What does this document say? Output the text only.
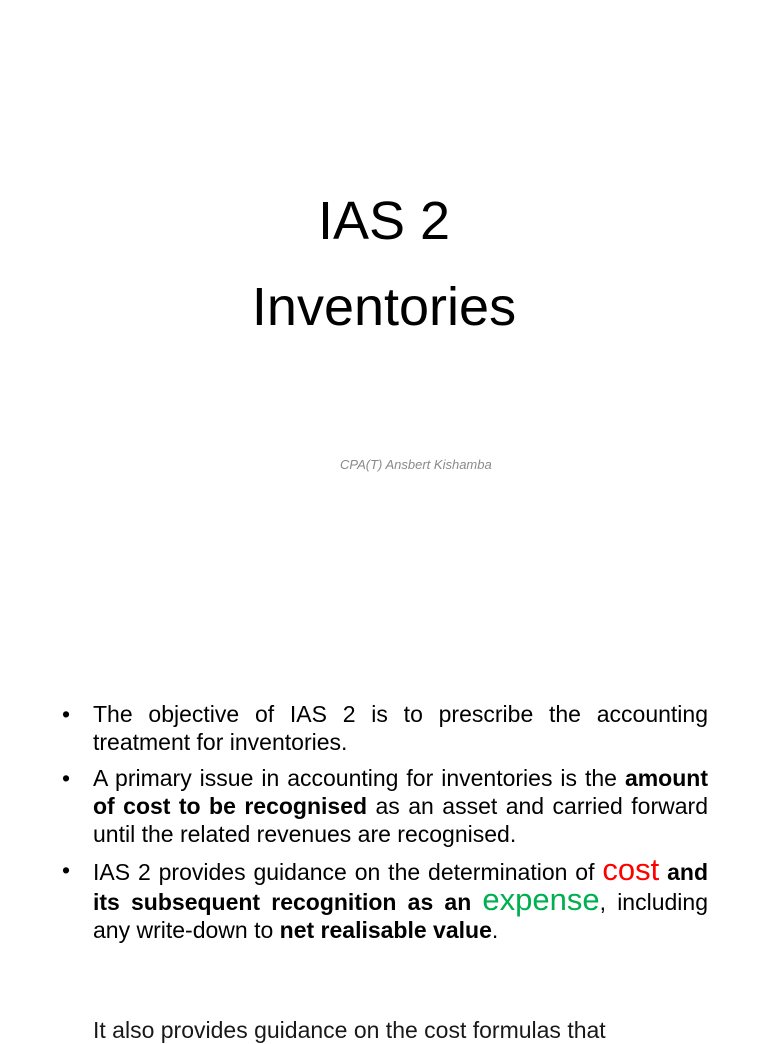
IAS 2
Inventories

CPA(T) Ansbert Kishamba

• The objective of IAS 2 is to prescribe the accounting treatment for inventories.
• A primary issue in accounting for inventories is the amount of cost to be recognised as an asset and carried forward until the related revenues are recognised.
• IAS 2 provides guidance on the determination of cost and its subsequent recognition as an expense, including any write-down to net realisable value.
It also provides guidance on the cost formulas that
